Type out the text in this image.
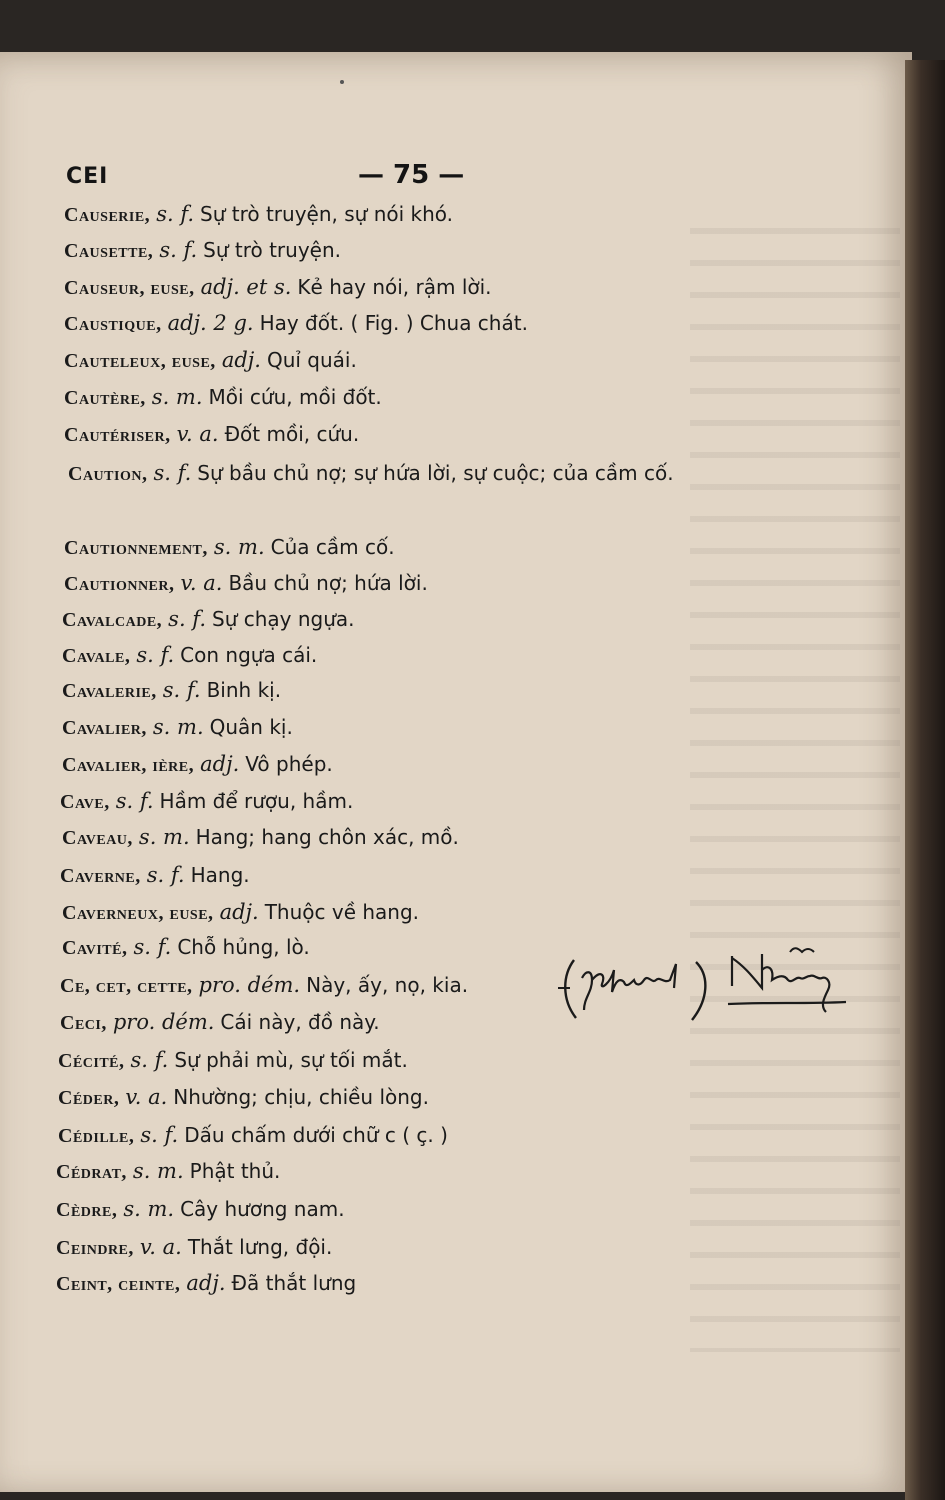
CEI	— 75 —
Causerie, s. f. Sự trò truyện, sự nói khó.
Causette, s. f. Sự trò truyện.
Causeur, euse, adj. et s. Kẻ hay nói, rậm lời.
Caustique, adj. 2 g. Hay đốt. ( Fig. ) Chua chát.
Cauteleux, euse, adj. Quỉ quái.
Cautère, s. m. Mồi cứu, mồi đốt.
Cautériser, v. a. Đốt mồi, cứu.
Caution, s. f. Sự bầu chủ nợ; sự hứa lời, sự cuộc; của cầm cố.
Cautionnement, s. m. Của cầm cố.
Cautionner, v. a. Bầu chủ nợ; hứa lời.
Cavalcade, s. f. Sự chạy ngựa.
Cavale, s. f. Con ngựa cái.
Cavalerie, s. f. Binh kị.
Cavalier, s. m. Quân kị.
Cavalier, ière, adj. Vô phép.
Cave, s. f. Hầm để rượu, hầm.
Caveau, s. m. Hang; hang chôn xác, mồ.
Caverne, s. f. Hang.
Caverneux, euse, adj. Thuộc về hang.
Cavité, s. f. Chỗ hủng, lò.
Ce, cet, cette, pro. dém. Này, ấy, nọ, kia.
Ceci, pro. dém. Cái này, đồ này.
Cécité, s. f. Sự phải mù, sự tối mắt.
Céder, v. a. Nhường; chịu, chiều lòng.
Cédille, s. f. Dấu chấm dưới chữ c ( ç. )
Cédrat, s. m. Phật thủ.
Cèdre, s. m. Cây hương nam.
Ceindre, v. a. Thắt lưng, đội.
Ceint, ceinte, adj. Đã thắt lưng
